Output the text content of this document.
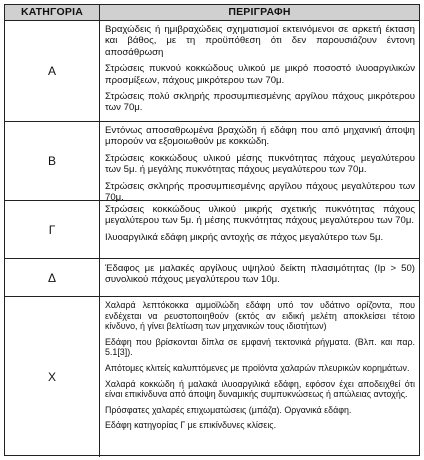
ΚΑΤΗΓΟΡΙΑ	ΠΕΡΙΓΡΑΦΗ
Α

Βραχώδεις ή ημιβραχώδεις σχηματισμοί εκτεινόμενοι σε αρκετή έκταση και βάθος, με τη προϋπόθεση ότι δεν παρουσιάζουν έντονη αποσάθρωση

Στρώσεις πυκνού κοκκώδους υλικού με μικρό ποσοστό ιλυοαργιλικών προσμίξεων, πάχους μικρότερου των 70μ.

Στρώσεις πολύ σκληρής προσυμπιεσμένης αργίλου πάχους μικρότερου των 70μ.

Β

Εντόνως αποσαθρωμένα βραχώδη ή εδάφη που από μηχανική άποψη μπορούν να εξομοιωθούν με κοκκώδη.

Στρώσεις κοκκώδους υλικού μέσης πυκνότητας πάχους μεγαλύτερου των 5μ. ή μεγάλης πυκνότητας πάχους μεγαλύτερου των 70μ.

Στρώσεις σκληρής προσυμπιεσμένης αργίλου πάχους μεγαλύτερου των 70μ.

Γ

Στρώσεις κοκκώδους υλικού μικρής σχετικής πυκνότητας πάχους μεγαλύτερου των 5μ. ή μέσης πυκνότητας πάχους μεγαλύτερου των 70μ.

Ιλυοαργιλικά εδάφη μικρής αντοχής σε πάχος μεγαλύτερο των 5μ.

Δ

Έδαφος με μαλακές αργίλους υψηλού δείκτη πλασιμότητας (Ip > 50) συνολικού πάχους μεγαλύτερου των 10μ.

Χ

Χαλαρά λεπτόκοκκα αμμοϊλώδη εδάφη υπό τον υδάτινο ορίζοντα, που ενδέχεται να ρευστοποιηθούν (εκτός αν ειδική μελέτη αποκλείσει τέτοιο κίνδυνο, ή γίνει βελτίωση των μηχανικών τους ιδιοτήτων)

Εδάφη που βρίσκονται δίπλα σε εμφανή τεκτονικά ρήγματα. (Βλπ. και παρ. 5.1[3]).

Απότομες κλιτείς καλυπτόμενες με προϊόντα χαλαρών πλευρικών κορημάτων.

Χαλαρά κοκκώδη ή μαλακά ιλυοαργιλικά εδάφη, εφόσον έχει αποδειχθεί ότι είναι επικίνδυνα από άποψη δυναμικής συμπυκνώσεως ή απώλειας αντοχής.

Πρόσφατες χαλαρές επιχωματώσεις (μπάζα). Οργανικά εδάφη.

Εδάφη κατηγορίας Γ με επικίνδυνες κλίσεις.
